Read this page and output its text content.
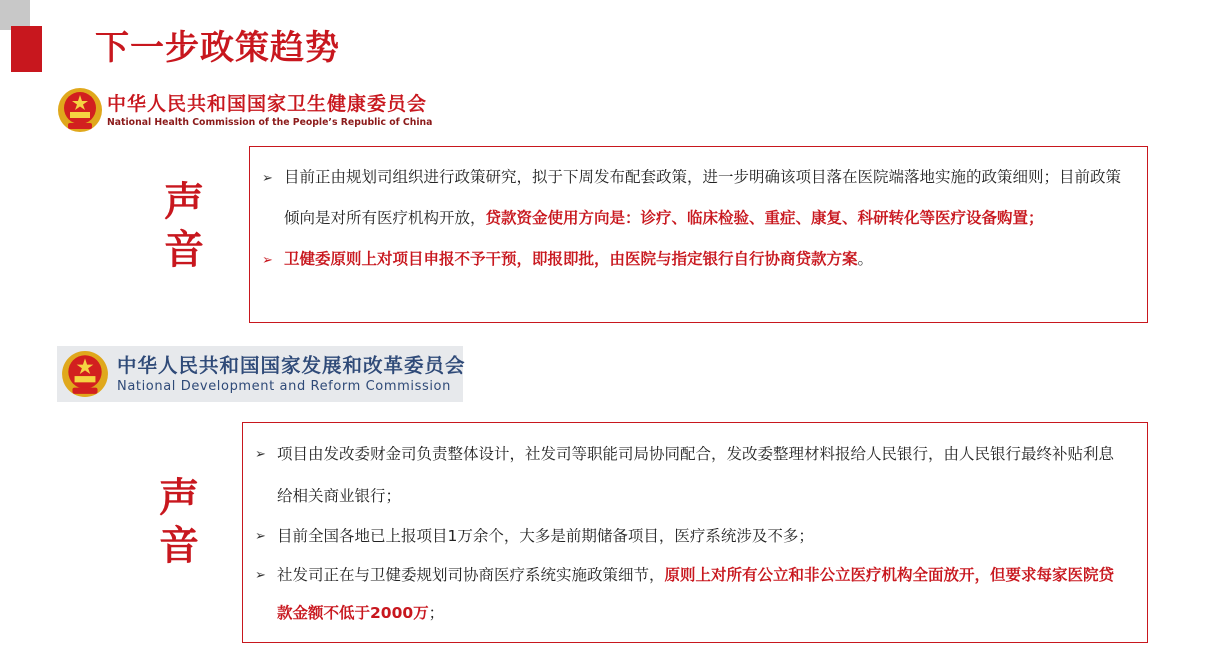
下一步政策趋势
中华人民共和国国家卫生健康委员会
National Health Commission of the People’s Republic of China
声
音
➢ 目前正由规划司组织进行政策研究，拟于下周发布配套政策，进一步明确该项目落在医院端落地实施的政策细则；目前政策倾向是对所有医疗机构开放，贷款资金使用方向是：诊疗、临床检验、重症、康复、科研转化等医疗设备购置；
➢ 卫健委原则上对项目申报不予干预，即报即批，由医院与指定银行自行协商贷款方案。
中华人民共和国国家发展和改革委员会
National Development and Reform Commission
声
音
➢ 项目由发改委财金司负责整体设计，社发司等职能司局协同配合，发改委整理材料报给人民银行，由人民银行最终补贴利息给相关商业银行；
➢ 目前全国各地已上报项目1万余个，大多是前期储备项目，医疗系统涉及不多；
➢ 社发司正在与卫健委规划司协商医疗系统实施政策细节，原则上对所有公立和非公立医疗机构全面放开，但要求每家医院贷款金额不低于2000万；
